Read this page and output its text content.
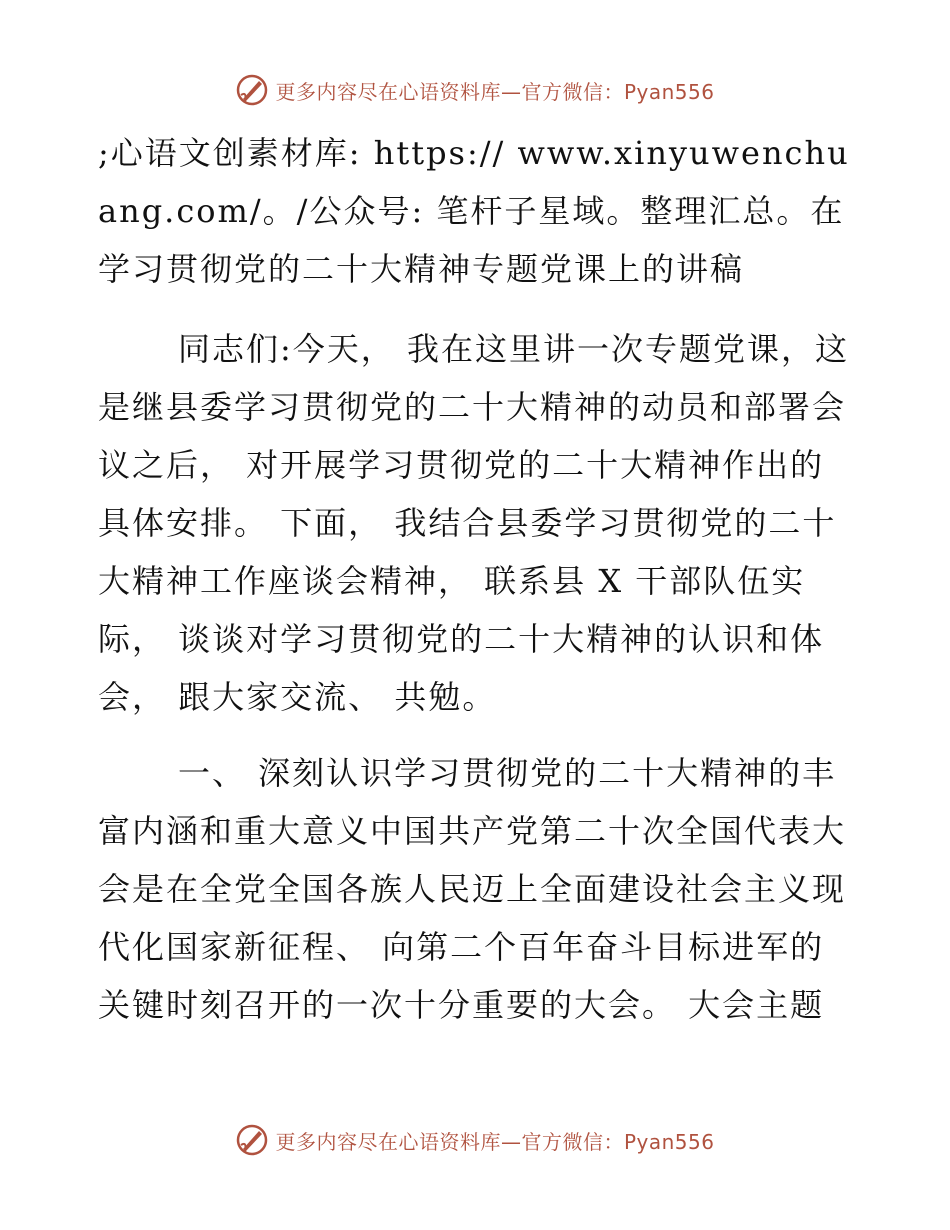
更多内容尽在心语资料库—官方微信：Pyan556

;心语文创素材库: https:// www.xinyuwenchuang.com/。/公众号: 笔杆子星域。整理汇总。在学习贯彻党的二十大精神专题党课上的讲稿

同志们:今天， 我在这里讲一次专题党课，这是继县委学习贯彻党的二十大精神的动员和部署会议之后， 对开展学习贯彻党的二十大精神作出的具体安排。 下面， 我结合县委学习贯彻党的二十大精神工作座谈会精神， 联系县 X 干部队伍实际， 谈谈对学习贯彻党的二十大精神的认识和体会， 跟大家交流、 共勉。

一、 深刻认识学习贯彻党的二十大精神的丰富内涵和重大意义中国共产党第二十次全国代表大会是在全党全国各族人民迈上全面建设社会主义现代化国家新征程、 向第二个百年奋斗目标进军的关键时刻召开的一次十分重要的大会。 大会主题

更多内容尽在心语资料库—官方微信：Pyan556
